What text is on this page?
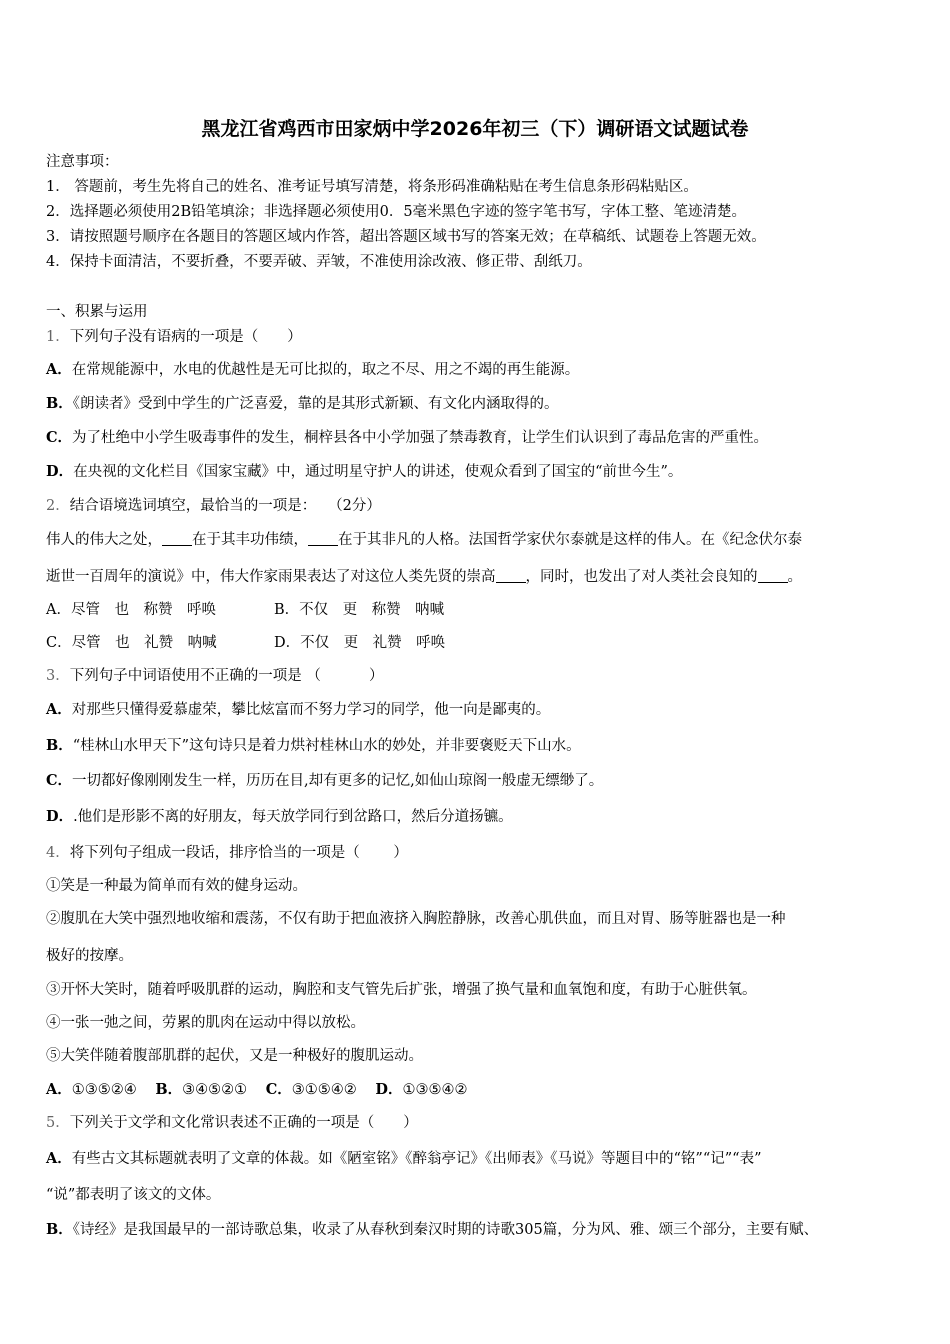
黑龙江省鸡西市田家炳中学2026年初三（下）调研语文试题试卷
注意事项：
1． 答题前，考生先将自己的姓名、准考证号填写清楚，将条形码准确粘贴在考生信息条形码粘贴区。
2．选择题必须使用2B铅笔填涂；非选择题必须使用0．5毫米黑色字迹的签字笔书写，字体工整、笔迹清楚。
3．请按照题号顺序在各题目的答题区域内作答，超出答题区域书写的答案无效；在草稿纸、试题卷上答题无效。
4．保持卡面清洁，不要折叠，不要弄破、弄皱，不准使用涂改液、修正带、刮纸刀。
一、积累与运用
1．下列句子没有语病的一项是（　　）
A．在常规能源中，水电的优越性是无可比拟的，取之不尽、用之不竭的再生能源。
B．《朗读者》受到中学生的广泛喜爱，靠的是其形式新颖、有文化内涵取得的。
C．为了杜绝中小学生吸毒事件的发生，桐梓县各中小学加强了禁毒教育，让学生们认识到了毒品危害的严重性。
D．在央视的文化栏目《国家宝藏》中，通过明星守护人的讲述，使观众看到了国宝的“前世今生”。
2．结合语境选词填空，最恰当的一项是：　 （2分）
伟人的伟大之处， 在于其丰功伟绩， 在于其非凡的人格。法国哲学家伏尔泰就是这样的伟人。在《纪念伏尔泰
逝世一百周年的演说》中，伟大作家雨果表达了对这位人类先贤的崇高 ，同时，也发出了对人类社会良知的 。
A．尽管　也　称赞　呼唤	B．不仅　更　称赞　呐喊
C．尽管　也　礼赞　呐喊	D．不仅　更　礼赞　呼唤
3．下列句子中词语使用不正确的一项是 （　　　 ）
A．对那些只懂得爱慕虚荣，攀比炫富而不努力学习的同学，他一向是鄙夷的。
B．“桂林山水甲天下”这句诗只是着力烘衬桂林山水的妙处，并非要褒贬天下山水。
C．一切都好像刚刚发生一样，历历在目,却有更多的记忆,如仙山琼阁一般虚无缥缈了。
D．.他们是形影不离的好朋友，每天放学同行到岔路口，然后分道扬镳。
4．将下列句子组成一段话，排序恰当的一项是（　　 ）
①笑是一种最为简单而有效的健身运动。
②腹肌在大笑中强烈地收缩和震荡，不仅有助于把血液挤入胸腔静脉，改善心肌供血，而且对胃、肠等脏器也是一种
极好的按摩。
③开怀大笑时，随着呼吸肌群的运动，胸腔和支气管先后扩张，增强了换气量和血氧饱和度，有助于心脏供氧。
④一张一弛之间，劳累的肌肉在运动中得以放松。
⑤大笑伴随着腹部肌群的起伏，又是一种极好的腹肌运动。
A．①③⑤②④ B．③④⑤②① C．③①⑤④② D．①③⑤④②
5．下列关于文学和文化常识表述不正确的一项是（　　）
A．有些古文其标题就表明了文章的体裁。如《陋室铭》《醉翁亭记》《出师表》《马说》等题目中的“铭”“记”“表”
“说”都表明了该文的文体。
B．《诗经》是我国最早的一部诗歌总集，收录了从春秋到秦汉时期的诗歌305篇，分为风、雅、颂三个部分，主要有赋、
